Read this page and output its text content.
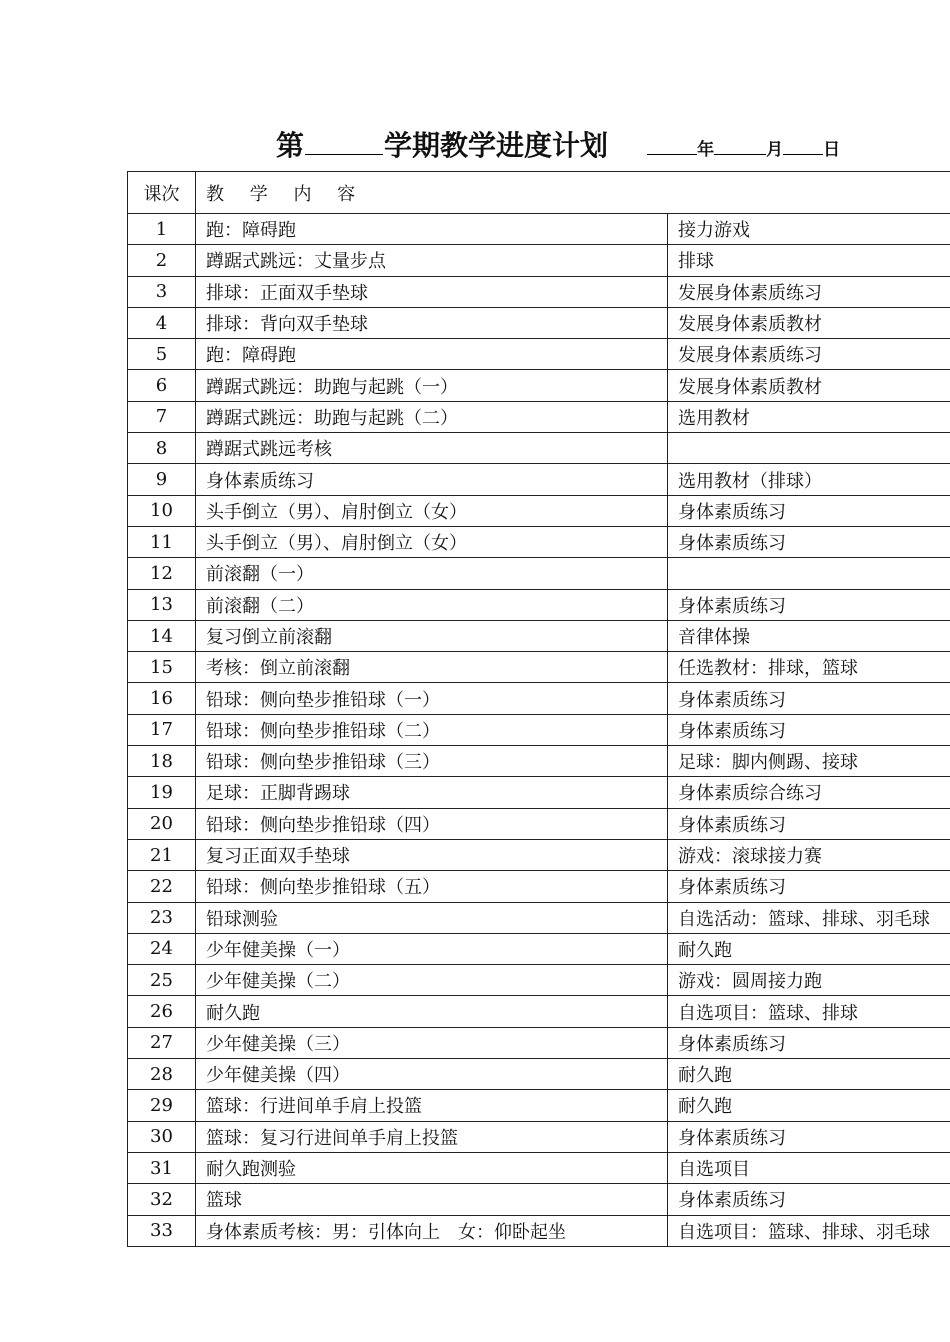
第	学期教学进度计划	年	月 日
课次	教 学 内 容	
1	跑：障碍跑	接力游戏
2	蹲踞式跳远：丈量步点	排球
3	排球：正面双手垫球	发展身体素质练习
4	排球：背向双手垫球	发展身体素质教材
5	跑：障碍跑	发展身体素质练习
6	蹲踞式跳远：助跑与起跳（一）	发展身体素质教材
7	蹲踞式跳远：助跑与起跳（二）	选用教材
8	蹲踞式跳远考核	
9	身体素质练习	选用教材（排球）
10	头手倒立（男）、肩肘倒立（女）	身体素质练习
11	头手倒立（男）、肩肘倒立（女）	身体素质练习
12	前滚翻（一）	
13	前滚翻（二）	身体素质练习
14	复习倒立前滚翻	音律体操
15	考核：倒立前滚翻	任选教材：排球，篮球
16	铅球：侧向垫步推铅球（一）	身体素质练习
17	铅球：侧向垫步推铅球（二）	身体素质练习
18	铅球：侧向垫步推铅球（三）	足球：脚内侧踢、接球
19	足球：正脚背踢球	身体素质综合练习
20	铅球：侧向垫步推铅球（四）	身体素质练习
21	复习正面双手垫球	游戏：滚球接力赛
22	铅球：侧向垫步推铅球（五）	身体素质练习
23	铅球测验	自选活动：篮球、排球、羽毛球
24	少年健美操（一）	耐久跑
25	少年健美操（二）	游戏：圆周接力跑
26	耐久跑	自选项目：篮球、排球
27	少年健美操（三）	身体素质练习
28	少年健美操（四）	耐久跑
29	篮球：行进间单手肩上投篮	耐久跑
30	篮球：复习行进间单手肩上投篮	身体素质练习
31	耐久跑测验	自选项目
32	篮球	身体素质练习
33	身体素质考核：男：引体向上　女：仰卧起坐	自选项目：篮球、排球、羽毛球
